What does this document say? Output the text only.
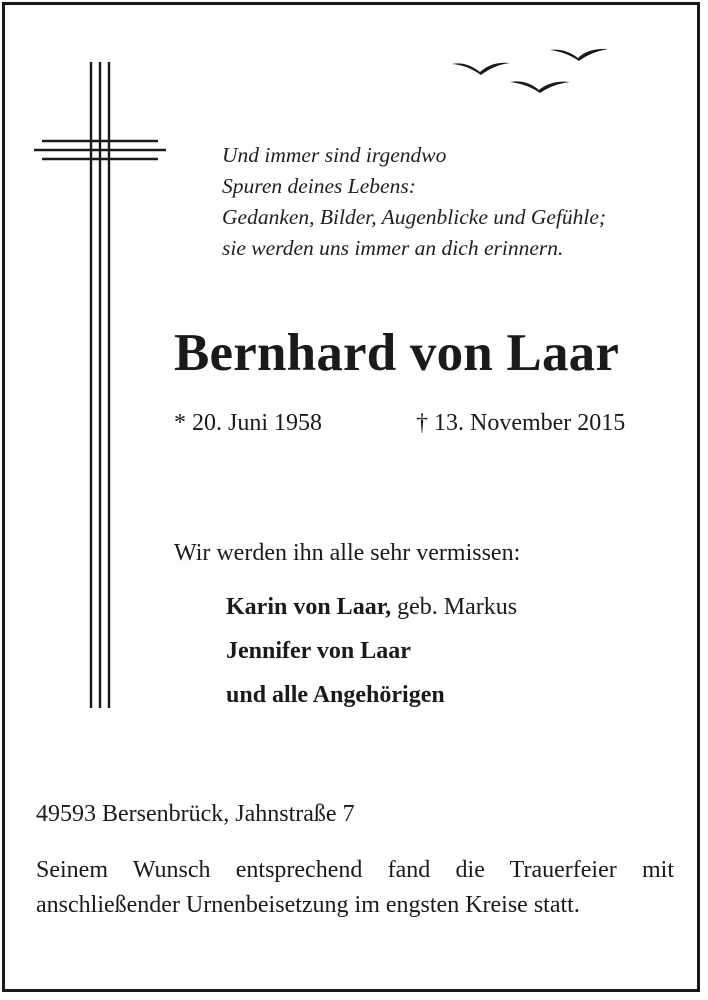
Und immer sind irgendwo
Spuren deines Lebens:
Gedanken, Bilder, Augenblicke und Gefühle;
sie werden uns immer an dich erinnern.
Bernhard von Laar
* 20. Juni 1958	† 13. November 2015
Wir werden ihn alle sehr vermissen:
Karin von Laar, geb. Markus
Jennifer von Laar
und alle Angehörigen
49593 Bersenbrück, Jahnstraße 7
Seinem Wunsch entsprechend fand die Trauerfeier mit anschließender Urnenbeisetzung im engsten Kreise statt.
